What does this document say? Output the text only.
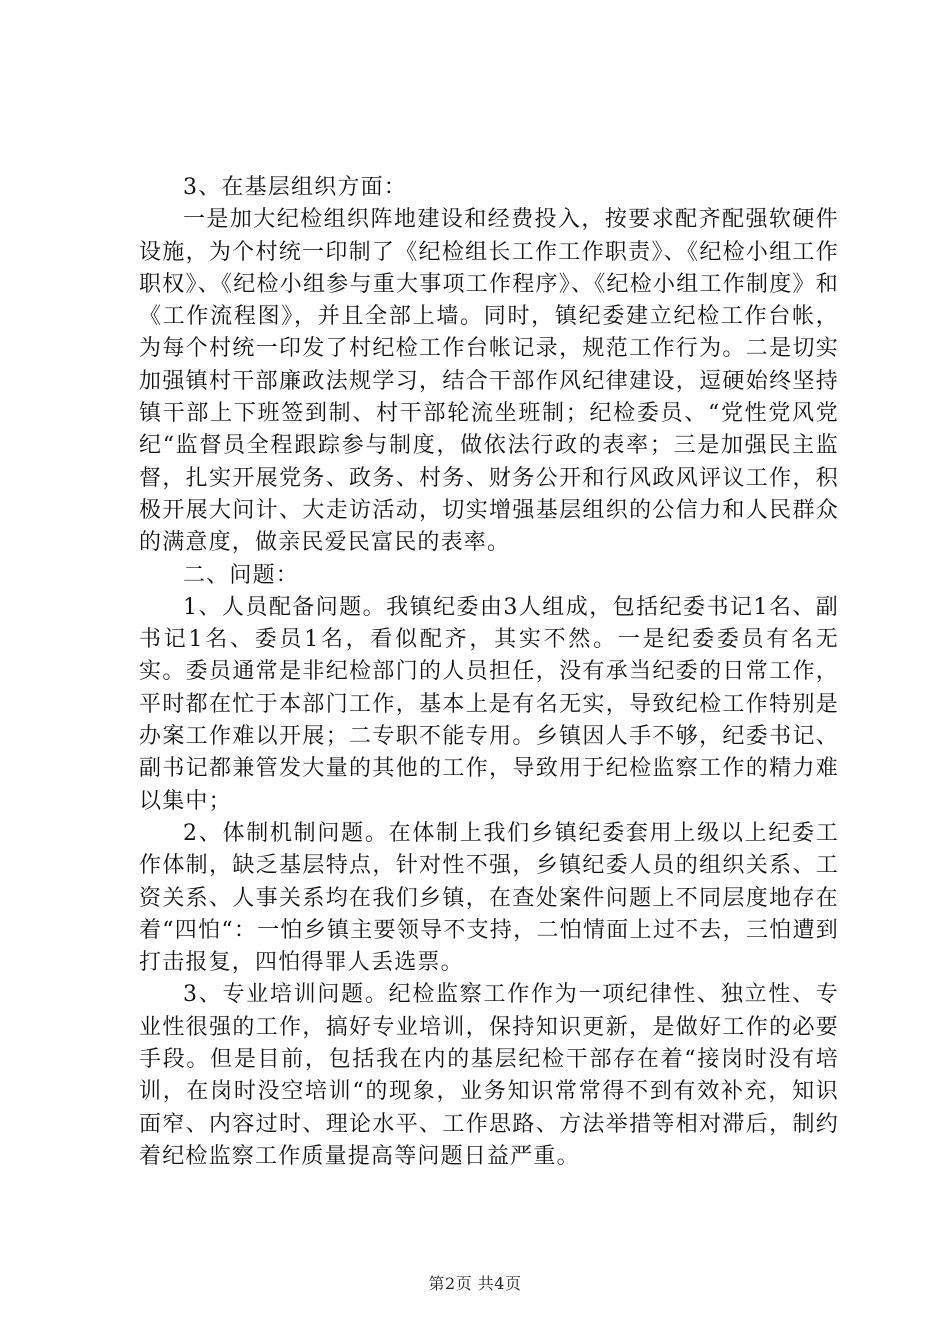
3、在基层组织方面：

一是加大纪检组织阵地建设和经费投入，按要求配齐配强软硬件设施，为个村统一印制了《纪检组长工作工作职责》、《纪检小组工作职权》、《纪检小组参与重大事项工作程序》、《纪检小组工作制度》和《工作流程图》，并且全部上墙。同时，镇纪委建立纪检工作台帐，为每个村统一印发了村纪检工作台帐记录，规范工作行为。二是切实加强镇村干部廉政法规学习，结合干部作风纪律建设，逗硬始终坚持镇干部上下班签到制、村干部轮流坐班制；纪检委员、“党性党风党纪“监督员全程跟踪参与制度，做依法行政的表率；三是加强民主监督，扎实开展党务、政务、村务、财务公开和行风政风评议工作，积极开展大问计、大走访活动，切实增强基层组织的公信力和人民群众的满意度，做亲民爱民富民的表率。

二、问题：

1、人员配备问题。我镇纪委由3人组成，包括纪委书记1名、副书记1名、委员1名，看似配齐，其实不然。一是纪委委员有名无实。委员通常是非纪检部门的人员担任，没有承当纪委的日常工作，平时都在忙于本部门工作，基本上是有名无实，导致纪检工作特别是办案工作难以开展；二专职不能专用。乡镇因人手不够，纪委书记、副书记都兼管发大量的其他的工作，导致用于纪检监察工作的精力难以集中；

2、体制机制问题。在体制上我们乡镇纪委套用上级以上纪委工作体制，缺乏基层特点，针对性不强，乡镇纪委人员的组织关系、工资关系、人事关系均在我们乡镇，在查处案件问题上不同层度地存在着“四怕“：一怕乡镇主要领导不支持，二怕情面上过不去，三怕遭到打击报复，四怕得罪人丢选票。

3、专业培训问题。纪检监察工作作为一项纪律性、独立性、专业性很强的工作，搞好专业培训，保持知识更新，是做好工作的必要手段。但是目前，包括我在内的基层纪检干部存在着“接岗时没有培训，在岗时没空培训“的现象，业务知识常常得不到有效补充，知识面窄、内容过时、理论水平、工作思路、方法举措等相对滞后，制约着纪检监察工作质量提高等问题日益严重。

第2页 共4页
